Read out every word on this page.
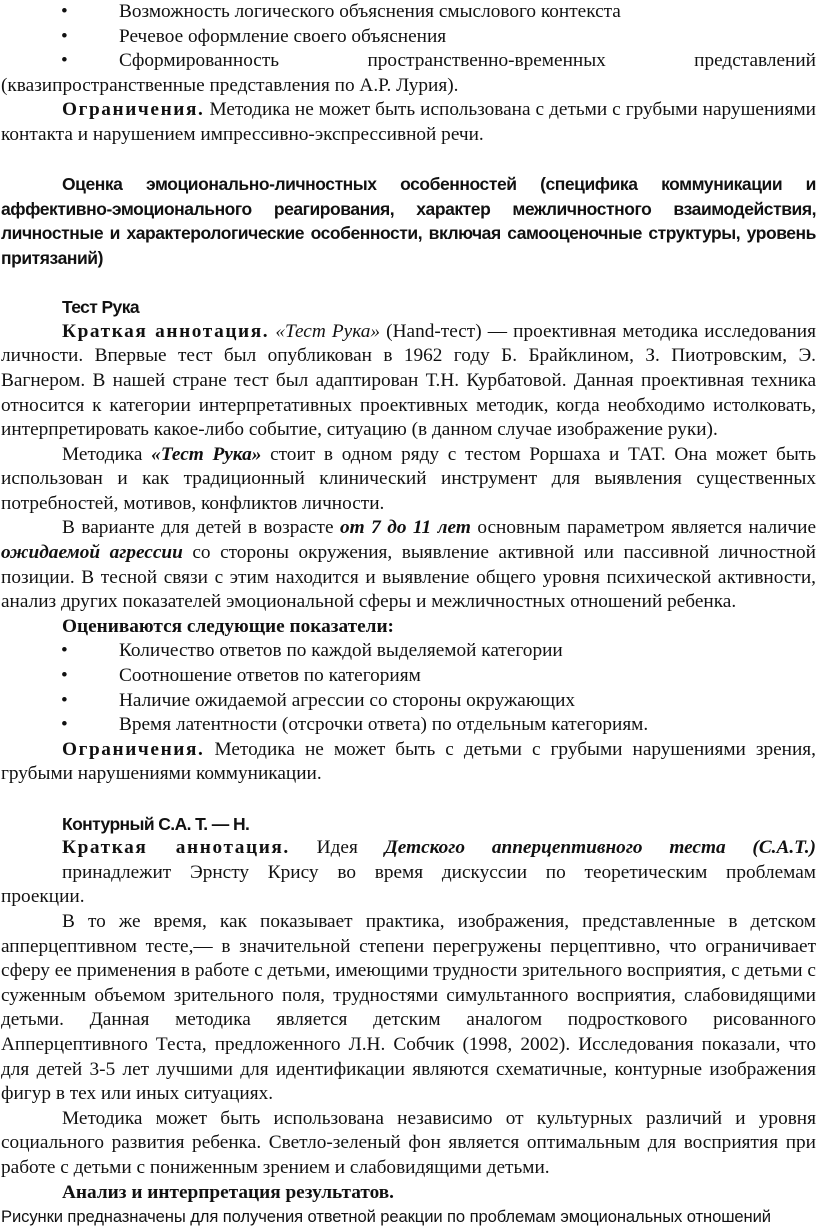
•	Возможность логического объяснения смыслового контекста

•	Речевое оформление своего объяснения

•	Сформированность пространственно-временных представлений

(квазипространственные представления по А.Р. Лурия).

Ограничения. Методика не может быть использована с детьми с грубыми нарушениями контакта и нарушением импрессивно-экспрессивной речи.

Оценка эмоционально-личностных особенностей (специфика коммуникации и аффективно-эмоционального реагирования, характер межличностного взаимодействия, личностные и характерологические особенности, включая самооценочные структуры, уровень притязаний)

Тест Рука

Краткая аннотация. «Тест Рука» (Hand-тест) — проективная методика исследования личности. Впервые тест был опубликован в 1962 году Б. Брайклином, З. Пиотровским, Э. Вагнером. В нашей стране тест был адаптирован Т.Н. Курбатовой. Данная проективная техника относится к категории интерпретативных проективных методик, когда необходимо истолковать, интерпретировать какое-либо событие, ситуацию (в данном случае изображение руки).

Методика «Тест Рука» стоит в одном ряду с тестом Роршаха и ТАТ. Она может быть использован и как традиционный клинический инструмент для выявления существенных потребностей, мотивов, конфликтов личности.

В варианте для детей в возрасте от 7 до 11 лет основным параметром является наличие ожидаемой агрессии со стороны окружения, выявление активной или пассивной личностной позиции. В тесной связи с этим находится и выявление общего уровня психической активности, анализ других показателей эмоциональной сферы и межличностных отношений ребенка.

Оцениваются следующие показатели:

•	Количество ответов по каждой выделяемой категории

•	Соотношение ответов по категориям

•	Наличие ожидаемой агрессии со стороны окружающих

•	Время латентности (отсрочки ответа) по отдельным категориям.

Ограничения. Методика не может быть с детьми с грубыми нарушениями зрения, грубыми нарушениями коммуникации.

Контурный С.А. Т. — Н.

Краткая аннотация. Идея Детского апперцептивного теста (С.А.Т.)

принадлежит Эрнсту Крису во время дискуссии по теоретическим проблемам

проекции.

В то же время, как показывает практика, изображения, представленные в детском апперцептивном тесте,— в значительной степени перегружены перцептивно, что ограничивает сферу ее применения в работе с детьми, имеющими трудности зрительного восприятия, с детьми с суженным объемом зрительного поля, трудностями симультанного восприятия, слабовидящими детьми. Данная методика является детским аналогом подросткового рисованного Апперцептивного Теста, предложенного Л.Н. Собчик (1998, 2002). Исследования показали, что для детей 3-5 лет лучшими для идентификации являются схематичные, контурные изображения фигур в тех или иных ситуациях.

Методика может быть использована независимо от культурных различий и уровня социального развития ребенка. Светло-зеленый фон является оптимальным для восприятия при работе с детьми с пониженным зрением и слабовидящими детьми.

Анализ и интерпретация результатов.

Рисунки предназначены для получения ответной реакции по проблемам эмоциональных отношений
